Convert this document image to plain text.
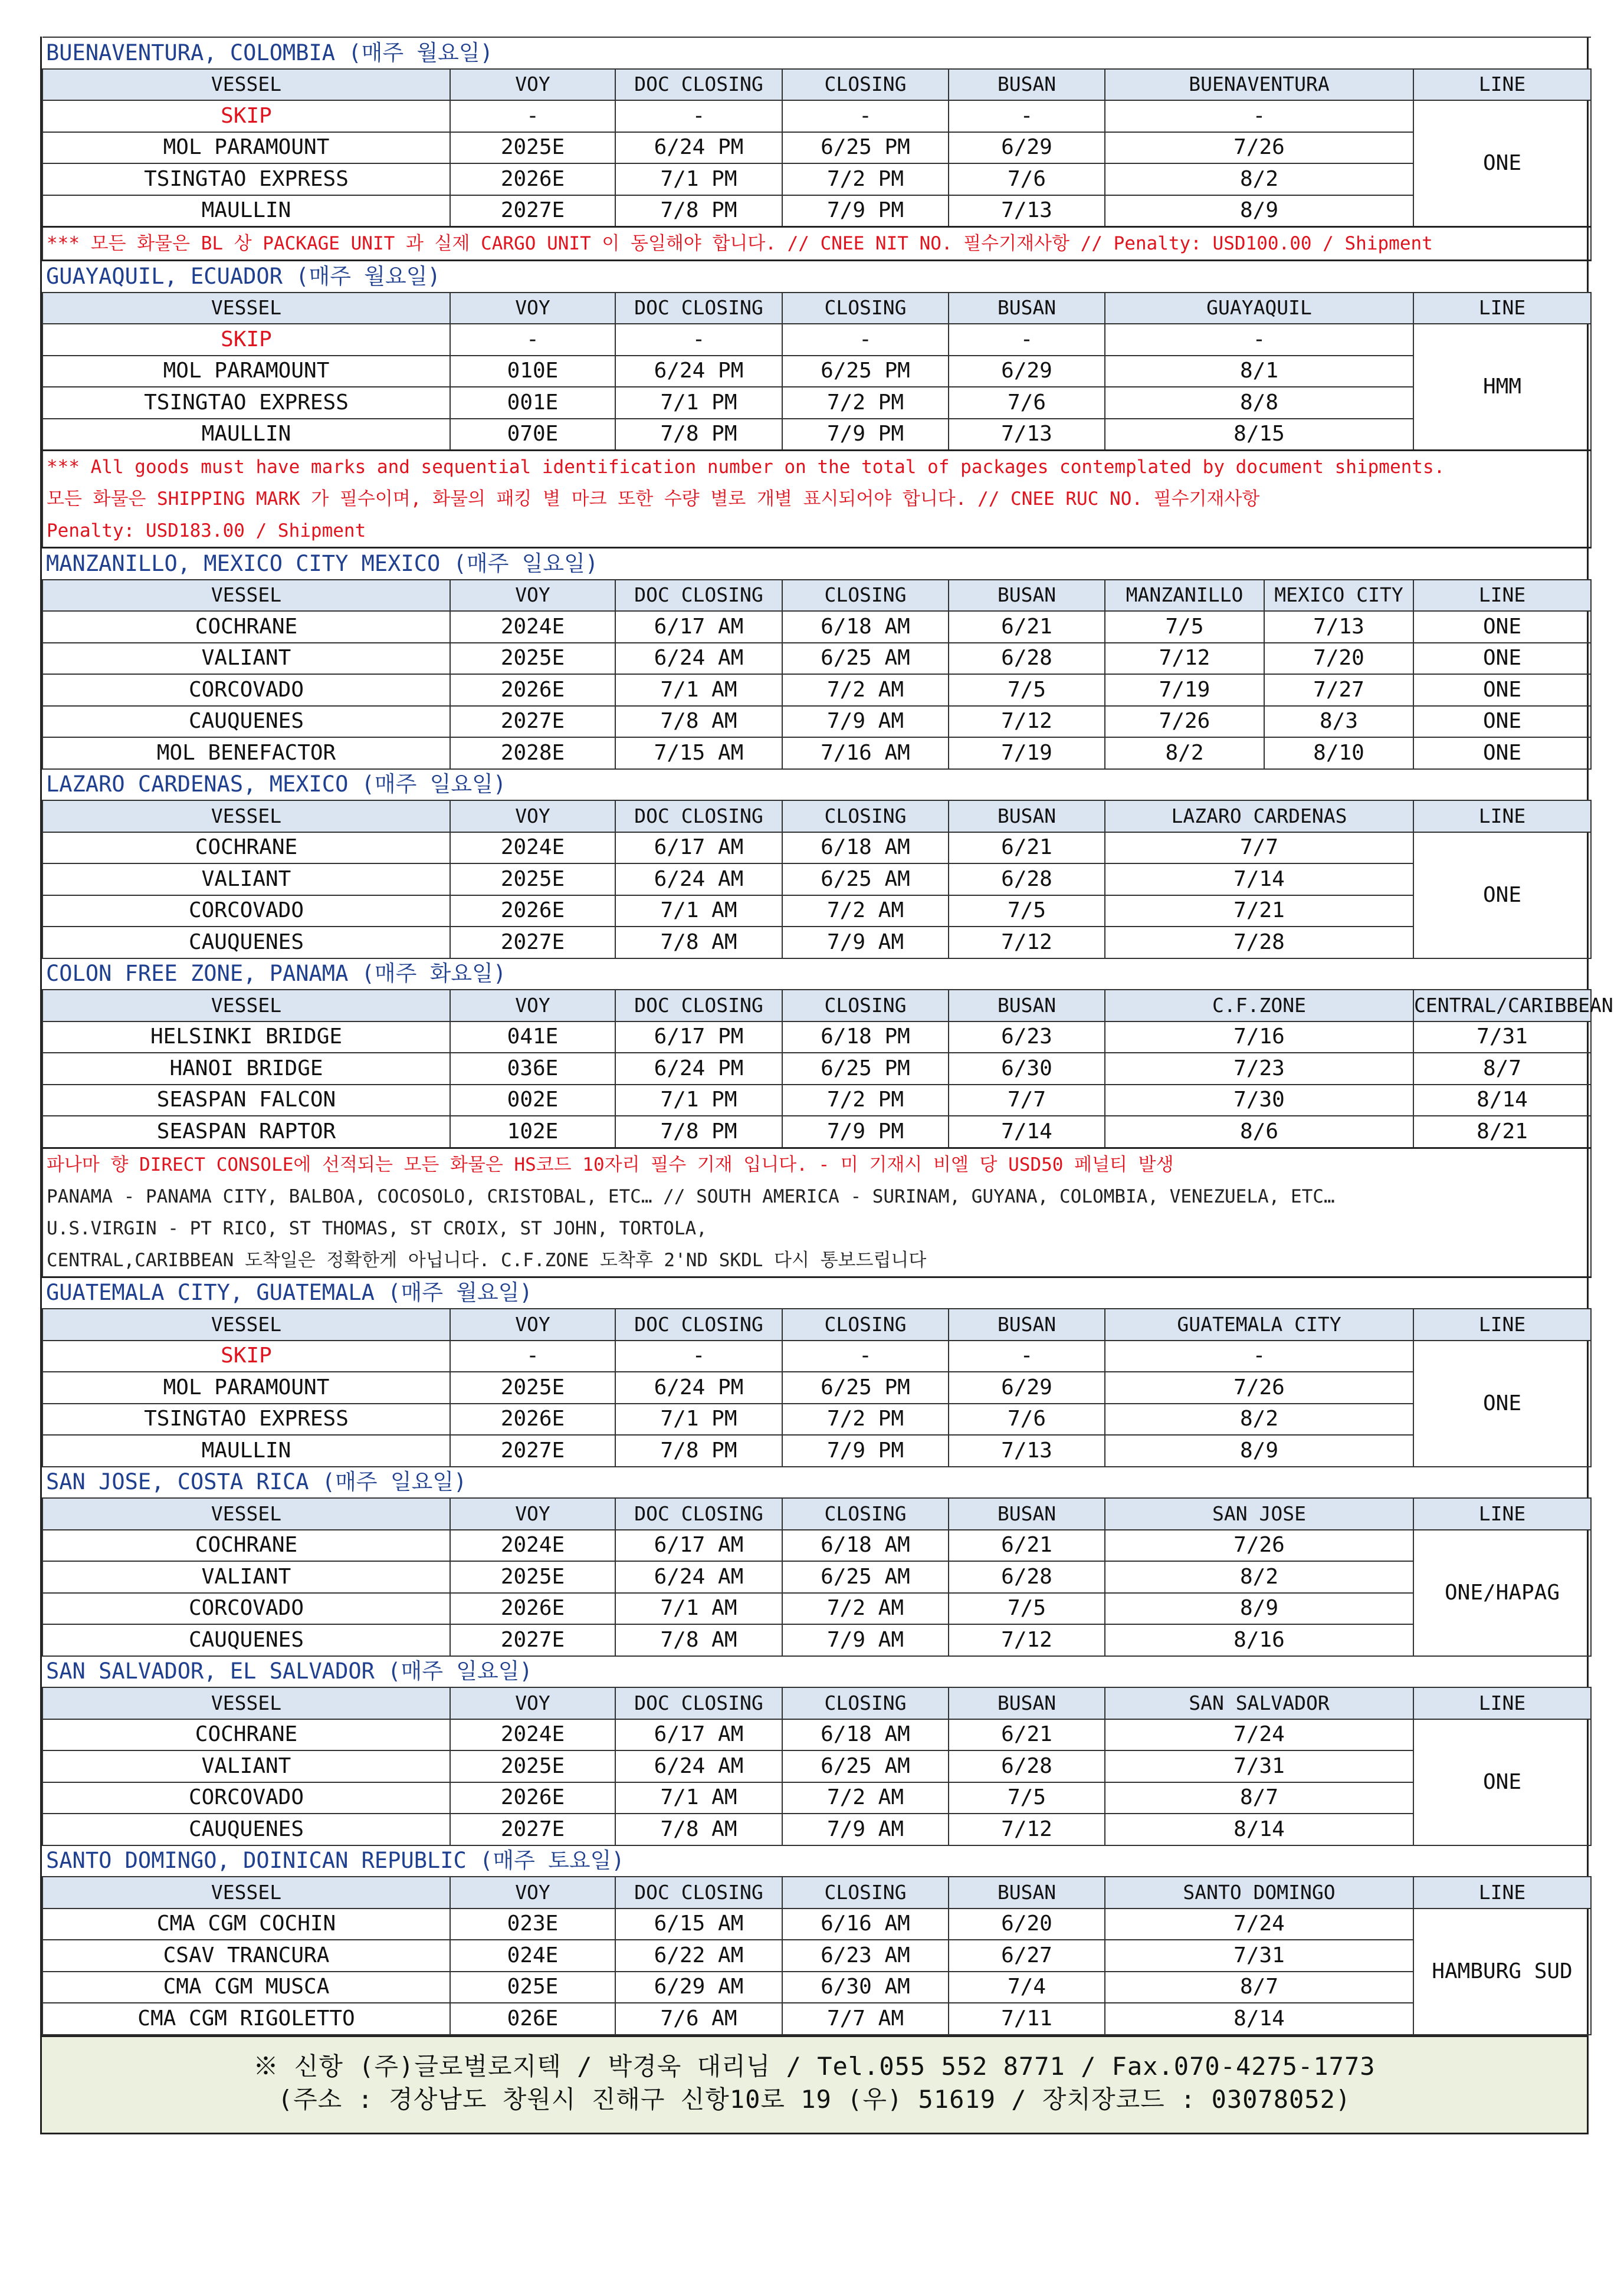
BUENAVENTURA, COLOMBIA (매주 월요일)							
VESSEL	VOY	DOC CLOSING	CLOSING	BUSAN	BUENAVENTURA		LINE
SKIP	-	-	-	-	-		ONE
MOL PARAMOUNT	2025E	6/24 PM	6/25 PM	6/29	7/26		
TSINGTAO EXPRESS	2026E	7/1 PM	7/2 PM	7/6	8/2		
MAULLIN	2027E	7/8 PM	7/9 PM	7/13	8/9		

*** 모든 화물은 BL 상 PACKAGE UNIT 과 실제 CARGO UNIT 이 동일해야 합니다. // CNEE NIT NO. 필수기재사항 // Penalty: USD100.00 / Shipment							

GUAYAQUIL, ECUADOR (매주 월요일)							
VESSEL	VOY	DOC CLOSING	CLOSING	BUSAN	GUAYAQUIL		LINE
SKIP	-	-	-	-	-		HMM
MOL PARAMOUNT	010E	6/24 PM	6/25 PM	6/29	8/1		
TSINGTAO EXPRESS	001E	7/1 PM	7/2 PM	7/6	8/8		
MAULLIN	070E	7/8 PM	7/9 PM	7/13	8/15		

*** All goods must have marks and sequential identification number on the total of packages contemplated by document shipments.
모든 화물은 SHIPPING MARK 가 필수이며, 화물의 패킹 별 마크 또한 수량 별로 개별 표시되어야 합니다. // CNEE RUC NO. 필수기재사항
Penalty: USD183.00 / Shipment							

MANZANILLO, MEXICO CITY MEXICO (매주 일요일)							
VESSEL	VOY	DOC CLOSING	CLOSING	BUSAN	MANZANILLO	MEXICO CITY	LINE
COCHRANE	2024E	6/17 AM	6/18 AM	6/21	7/5	7/13	ONE
VALIANT	2025E	6/24 AM	6/25 AM	6/28	7/12	7/20	ONE
CORCOVADO	2026E	7/1 AM	7/2 AM	7/5	7/19	7/27	ONE
CAUQUENES	2027E	7/8 AM	7/9 AM	7/12	7/26	8/3	ONE
MOL BENEFACTOR	2028E	7/15 AM	7/16 AM	7/19	8/2	8/10	ONE
LAZARO CARDENAS, MEXICO (매주 일요일)							
VESSEL	VOY	DOC CLOSING	CLOSING	BUSAN	LAZARO CARDENAS		LINE
COCHRANE	2024E	6/17 AM	6/18 AM	6/21	7/7		ONE
VALIANT	2025E	6/24 AM	6/25 AM	6/28	7/14		
CORCOVADO	2026E	7/1 AM	7/2 AM	7/5	7/21		
CAUQUENES	2027E	7/8 AM	7/9 AM	7/12	7/28		
COLON FREE ZONE, PANAMA (매주 화요일)							
VESSEL	VOY	DOC CLOSING	CLOSING	BUSAN	C.F.ZONE		CENTRAL/CARIBBEAN
HELSINKI BRIDGE	041E	6/17 PM	6/18 PM	6/23	7/16		7/31
HANOI BRIDGE	036E	6/24 PM	6/25 PM	6/30	7/23		8/7
SEASPAN FALCON	002E	7/1 PM	7/2 PM	7/7	7/30		8/14
SEASPAN RAPTOR	102E	7/8 PM	7/9 PM	7/14	8/6		8/21

파나마 향 DIRECT CONSOLE에 선적되는 모든 화물은 HS코드 10자리 필수 기재 입니다. - 미 기재시 비엘 당 USD50 페널티 발생
PANAMA - PANAMA CITY, BALBOA, COCOSOLO, CRISTOBAL, ETC… // SOUTH AMERICA - SURINAM, GUYANA, COLOMBIA, VENEZUELA, ETC…
U.S.VIRGIN - PT RICO, ST THOMAS, ST CROIX, ST JOHN, TORTOLA,
CENTRAL,CARIBBEAN 도착일은 정확한게 아닙니다. C.F.ZONE 도착후 2'ND SKDL 다시 통보드립니다							

GUATEMALA CITY, GUATEMALA (매주 월요일)							
VESSEL	VOY	DOC CLOSING	CLOSING	BUSAN	GUATEMALA CITY		LINE
SKIP	-	-	-	-	-		ONE
MOL PARAMOUNT	2025E	6/24 PM	6/25 PM	6/29	7/26		
TSINGTAO EXPRESS	2026E	7/1 PM	7/2 PM	7/6	8/2		
MAULLIN	2027E	7/8 PM	7/9 PM	7/13	8/9		
SAN JOSE, COSTA RICA (매주 일요일)							
VESSEL	VOY	DOC CLOSING	CLOSING	BUSAN	SAN JOSE		LINE
COCHRANE	2024E	6/17 AM	6/18 AM	6/21	7/26		ONE/HAPAG
VALIANT	2025E	6/24 AM	6/25 AM	6/28	8/2		
CORCOVADO	2026E	7/1 AM	7/2 AM	7/5	8/9		
CAUQUENES	2027E	7/8 AM	7/9 AM	7/12	8/16		
SAN SALVADOR, EL SALVADOR (매주 일요일)							
VESSEL	VOY	DOC CLOSING	CLOSING	BUSAN	SAN SALVADOR		LINE
COCHRANE	2024E	6/17 AM	6/18 AM	6/21	7/24		ONE
VALIANT	2025E	6/24 AM	6/25 AM	6/28	7/31		
CORCOVADO	2026E	7/1 AM	7/2 AM	7/5	8/7		
CAUQUENES	2027E	7/8 AM	7/9 AM	7/12	8/14		
SANTO DOMINGO, DOINICAN REPUBLIC (매주 토요일)							
VESSEL	VOY	DOC CLOSING	CLOSING	BUSAN	SANTO DOMINGO		LINE
CMA CGM COCHIN	023E	6/15 AM	6/16 AM	6/20	7/24		HAMBURG SUD
CSAV TRANCURA	024E	6/22 AM	6/23 AM	6/27	7/31		
CMA CGM MUSCA	025E	6/29 AM	6/30 AM	7/4	8/7		
CMA CGM RIGOLETTO	026E	7/6 AM	7/7 AM	7/11	8/14		
※ 신항 (주)글로벌로지텍 / 박경욱 대리님 / Tel.055 552 8771 / Fax.070-4275-1773
(주소 : 경상남도 창원시 진해구 신항10로 19 (우) 51619 / 장치장코드 : 03078052)
